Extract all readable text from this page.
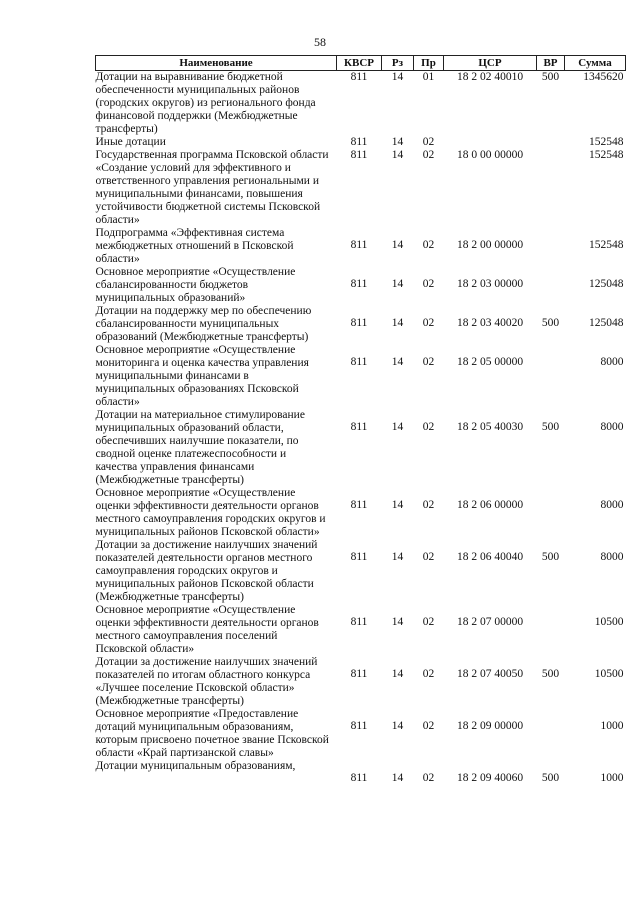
58
Наименование	КВСР	Рз	Пр	ЦСР	ВР	Сумма
Дотации на выравнивание бюджетной обеспеченности муниципальных районов (городских округов) из регионального фонда финансовой поддержки (Межбюджетные трансферты)	811	14	01	18 2 02 40010	500	1345620
Иные дотации	811	14	02			152548
Государственная программа Псковской области «Создание условий для эффективного и ответственного управления региональными и муниципальными финансами, повышения устойчивости бюджетной системы Псковской области»	811	14	02	18 0 00 00000		152548
Подпрограмма «Эффективная система межбюджетных отношений в Псковской области»	811	14	02	18 2 00 00000		152548
Основное мероприятие «Осуществление сбалансированности бюджетов муниципальных образований»	811	14	02	18 2 03 00000		125048
Дотации на поддержку мер по обеспечению сбалансированности муниципальных образований (Межбюджетные трансферты)	811	14	02	18 2 03 40020	500	125048
Основное мероприятие «Осуществление мониторинга и оценка качества управления муниципальными финансами в муниципальных образованиях Псковской области»	811	14	02	18 2 05 00000		8000
Дотации на материальное стимулирование муниципальных образований области, обеспечивших наилучшие показатели, по сводной оценке платежеспособности и качества управления финансами (Межбюджетные трансферты)	811	14	02	18 2 05 40030	500	8000
Основное мероприятие «Осуществление оценки эффективности деятельности органов местного самоуправления городских округов и муниципальных районов Псковской области»	811	14	02	18 2 06 00000		8000
Дотации за достижение наилучших значений показателей деятельности органов местного самоуправления городских округов и муниципальных районов Псковской области (Межбюджетные трансферты)	811	14	02	18 2 06 40040	500	8000
Основное мероприятие «Осуществление оценки эффективности деятельности органов местного самоуправления поселений Псковской области»	811	14	02	18 2 07 00000		10500
Дотации за достижение наилучших значений показателей по итогам областного конкурса «Лучшее поселение Псковской области» (Межбюджетные трансферты)	811	14	02	18 2 07 40050	500	10500
Основное мероприятие «Предоставление дотаций муниципальным образованиям, которым присвоено почетное звание Псковской области «Край партизанской славы»	811	14	02	18 2 09 00000		1000
Дотации муниципальным образованиям,	811	14	02	18 2 09 40060	500	1000
